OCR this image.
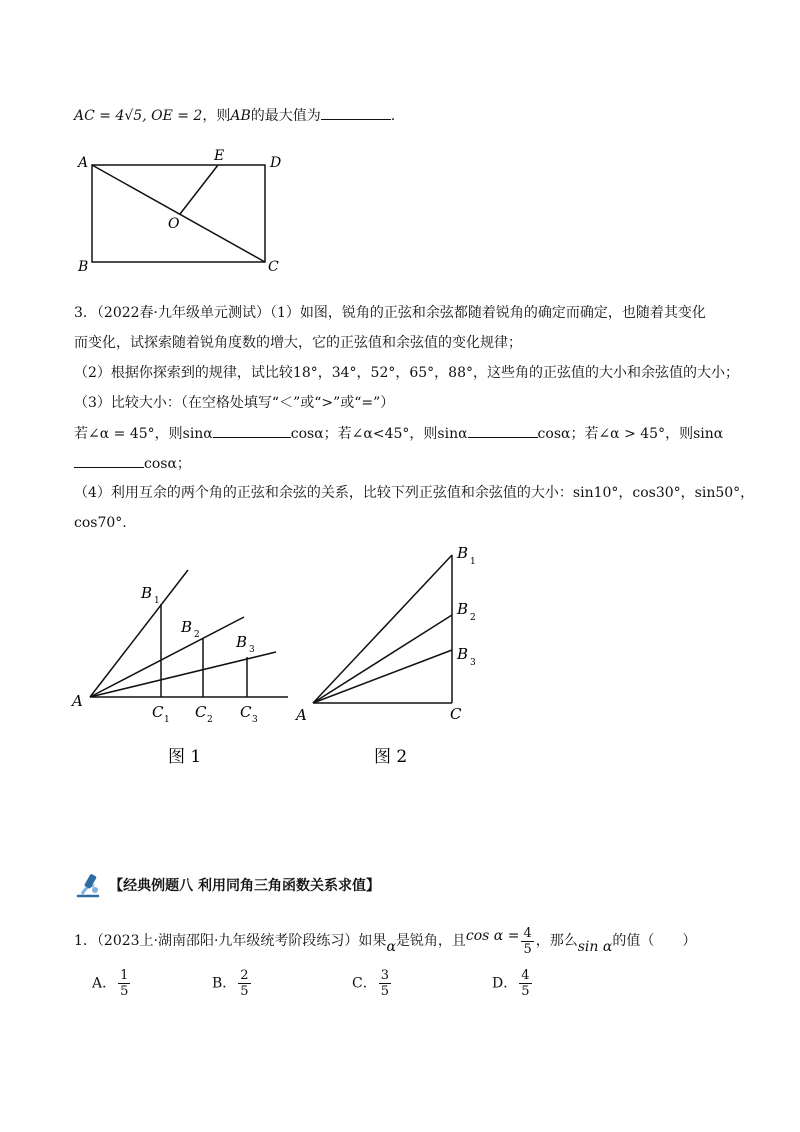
AC = 4√5, OE = 2，则AB的最大值为	.
A	D
B	C
E
O
3．（2022春·九年级单元测试）（1）如图，锐角的正弦和余弦都随着锐角的确定而确定，也随着其变化
而变化，试探索随着锐角度数的增大，它的正弦值和余弦值的变化规律；
（2）根据你探索到的规律，试比较18°，34°，52°，65°，88°，这些角的正弦值的大小和余弦值的大小；
（3）比较大小：（在空格处填写“＜”或“>”或“=”）
若∠α = 45°，则sinα	cosα；若∠α<45°，则sinα	cosα；若∠α > 45°，则sinα
cosα；
（4）利用互余的两个角的正弦和余弦的关系，比较下列正弦值和余弦值的大小：sin10°，cos30°，sin50°，
cos70°.
A
B 1
B 2 B 3
C 1 C 2 C 3
图 1
A	C
B 1
B 2
B 3
图 2
【经典例题八 利用同角三角函数关系求值】
1．（2023上·湖南邵阳·九年级统考阶段练习）如果α是锐角，且$\cos \alpha = \frac{4}{5}$ ，那么sin α的值（　　）
A． $\frac{1}{5}$	B． $\frac{2}{5}$	C． $\frac{3}{5}$	D． $\frac{4}{5}$
